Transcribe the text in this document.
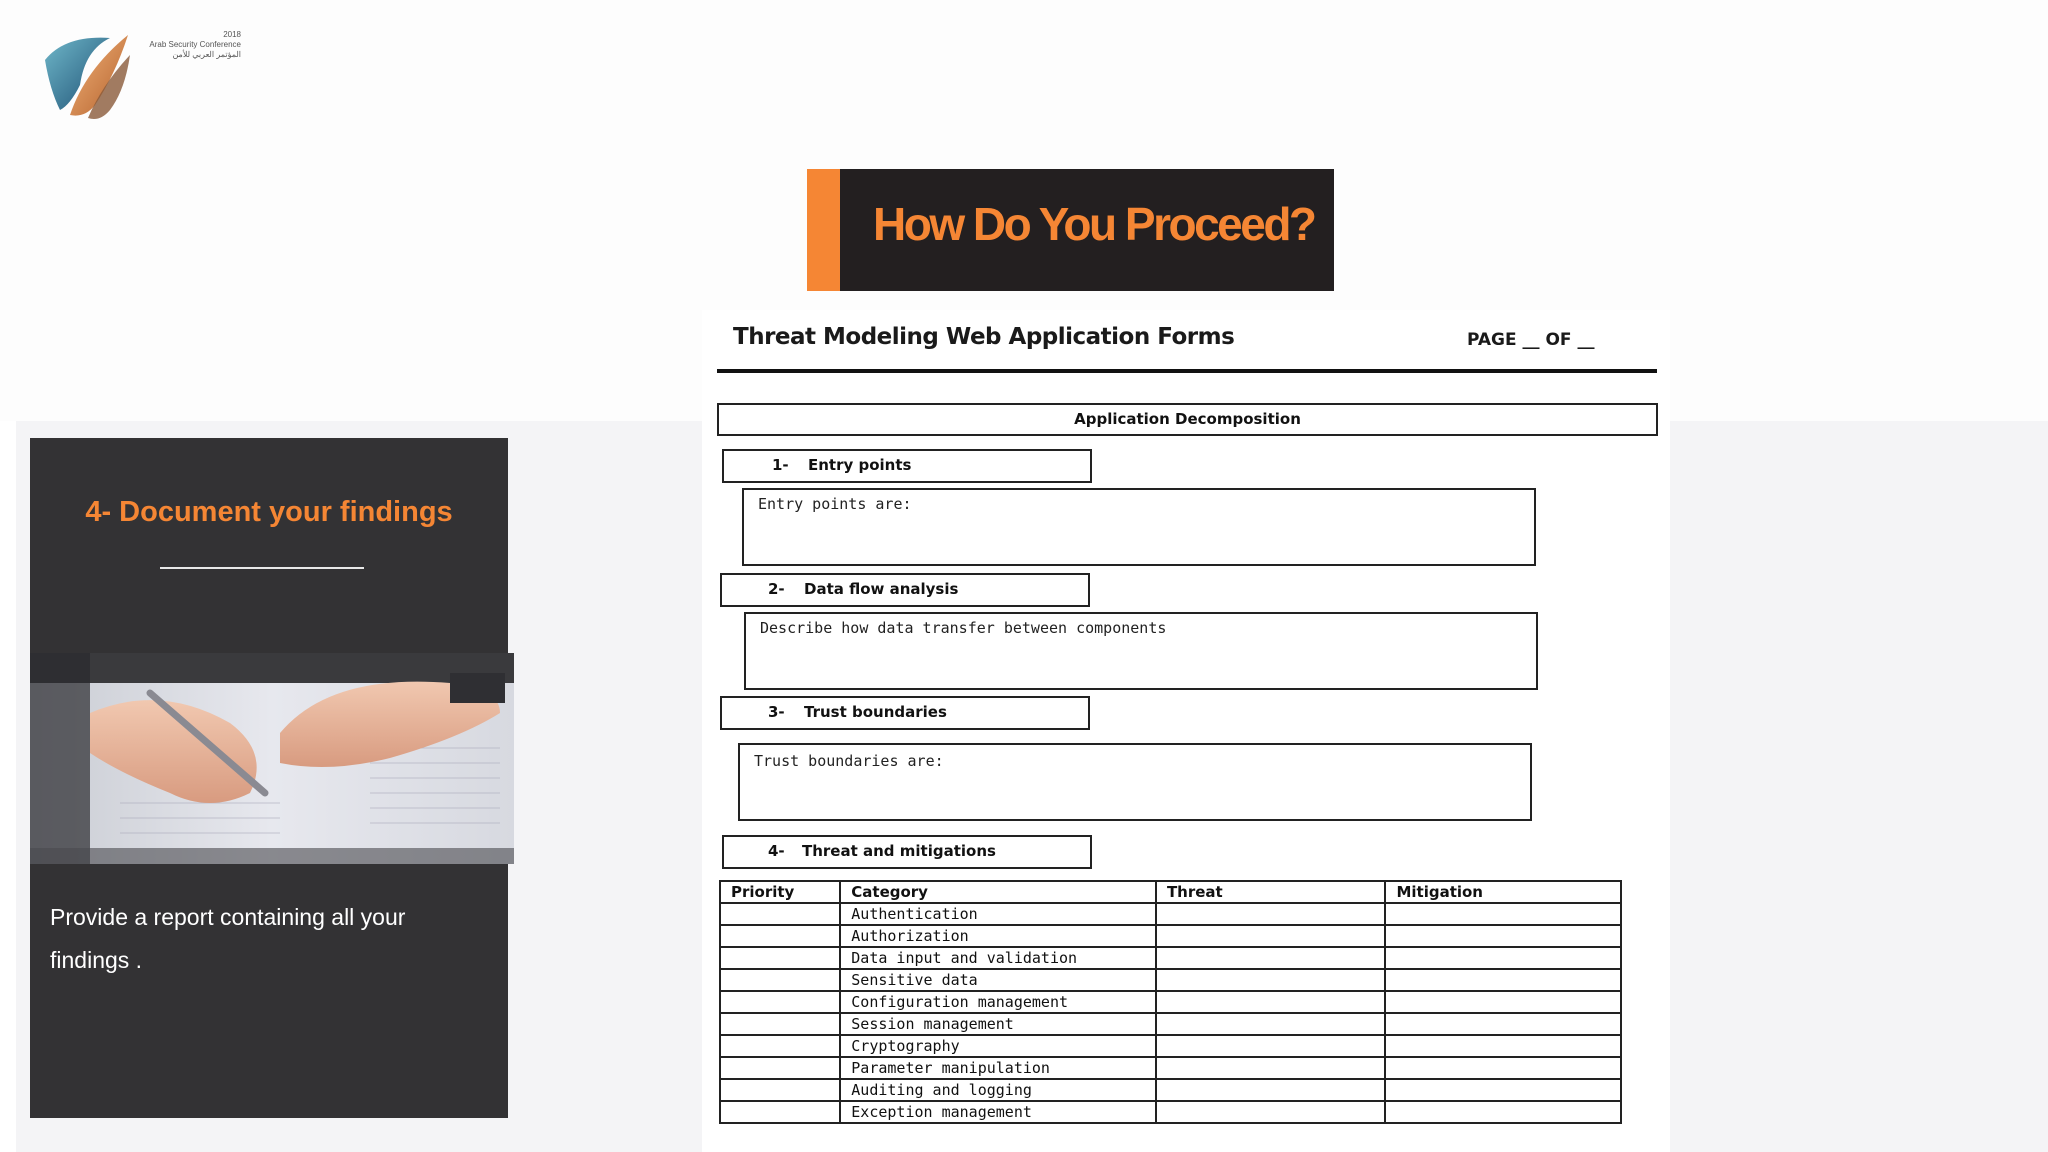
2018
Arab Security Conference
المؤتمر العربي للأمن
How Do You Proceed?
4- Document your findings
Provide a report containing all your findings .
Threat Modeling Web Application Forms	PAGE __ OF __
Application Decomposition
1- Entry points
Entry points are:
2- Data flow analysis
Describe how data transfer between components
3- Trust boundaries
Trust boundaries are:
4- Threat and mitigations
Priority	Category	Threat	Mitigation
	Authentication		
	Authorization		
	Data input and validation		
	Sensitive data		
	Configuration management		
	Session management		
	Cryptography		
	Parameter manipulation		
	Auditing and logging		
	Exception management		
